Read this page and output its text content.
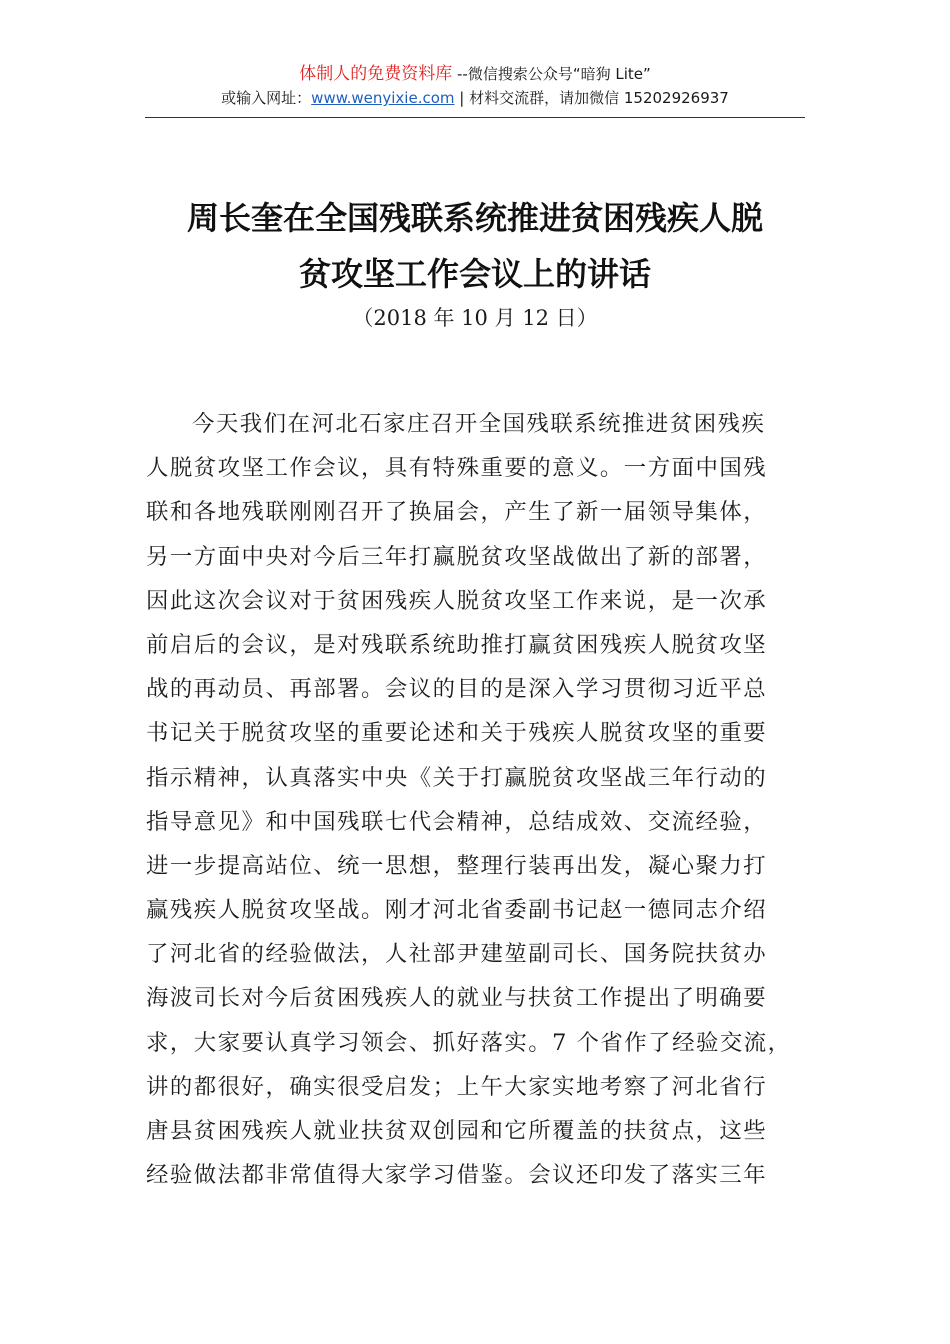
体制人的免费资料库 --微信搜索公众号“暗狗 Lite”
或输入网址：www.wenyixie.com | 材料交流群，请加微信 15202926937
周长奎在全国残联系统推进贫困残疾人脱
贫攻坚工作会议上的讲话
（2018 年 10 月 12 日）
今天我们在河北石家庄召开全国残联系统推进贫困残疾
人脱贫攻坚工作会议，具有特殊重要的意义。一方面中国残
联和各地残联刚刚召开了换届会，产生了新一届领导集体，
另一方面中央对今后三年打赢脱贫攻坚战做出了新的部署，
因此这次会议对于贫困残疾人脱贫攻坚工作来说，是一次承
前启后的会议，是对残联系统助推打赢贫困残疾人脱贫攻坚
战的再动员、再部署。会议的目的是深入学习贯彻习近平总
书记关于脱贫攻坚的重要论述和关于残疾人脱贫攻坚的重要
指示精神，认真落实中央《关于打赢脱贫攻坚战三年行动的
指导意见》和中国残联七代会精神，总结成效、交流经验，
进一步提高站位、统一思想，整理行装再出发，凝心聚力打
赢残疾人脱贫攻坚战。刚才河北省委副书记赵一德同志介绍
了河北省的经验做法，人社部尹建堃副司长、国务院扶贫办
海波司长对今后贫困残疾人的就业与扶贫工作提出了明确要
求，大家要认真学习领会、抓好落实。7 个省作了经验交流，
讲的都很好，确实很受启发；上午大家实地考察了河北省行
唐县贫困残疾人就业扶贫双创园和它所覆盖的扶贫点，这些
经验做法都非常值得大家学习借鉴。会议还印发了落实三年
